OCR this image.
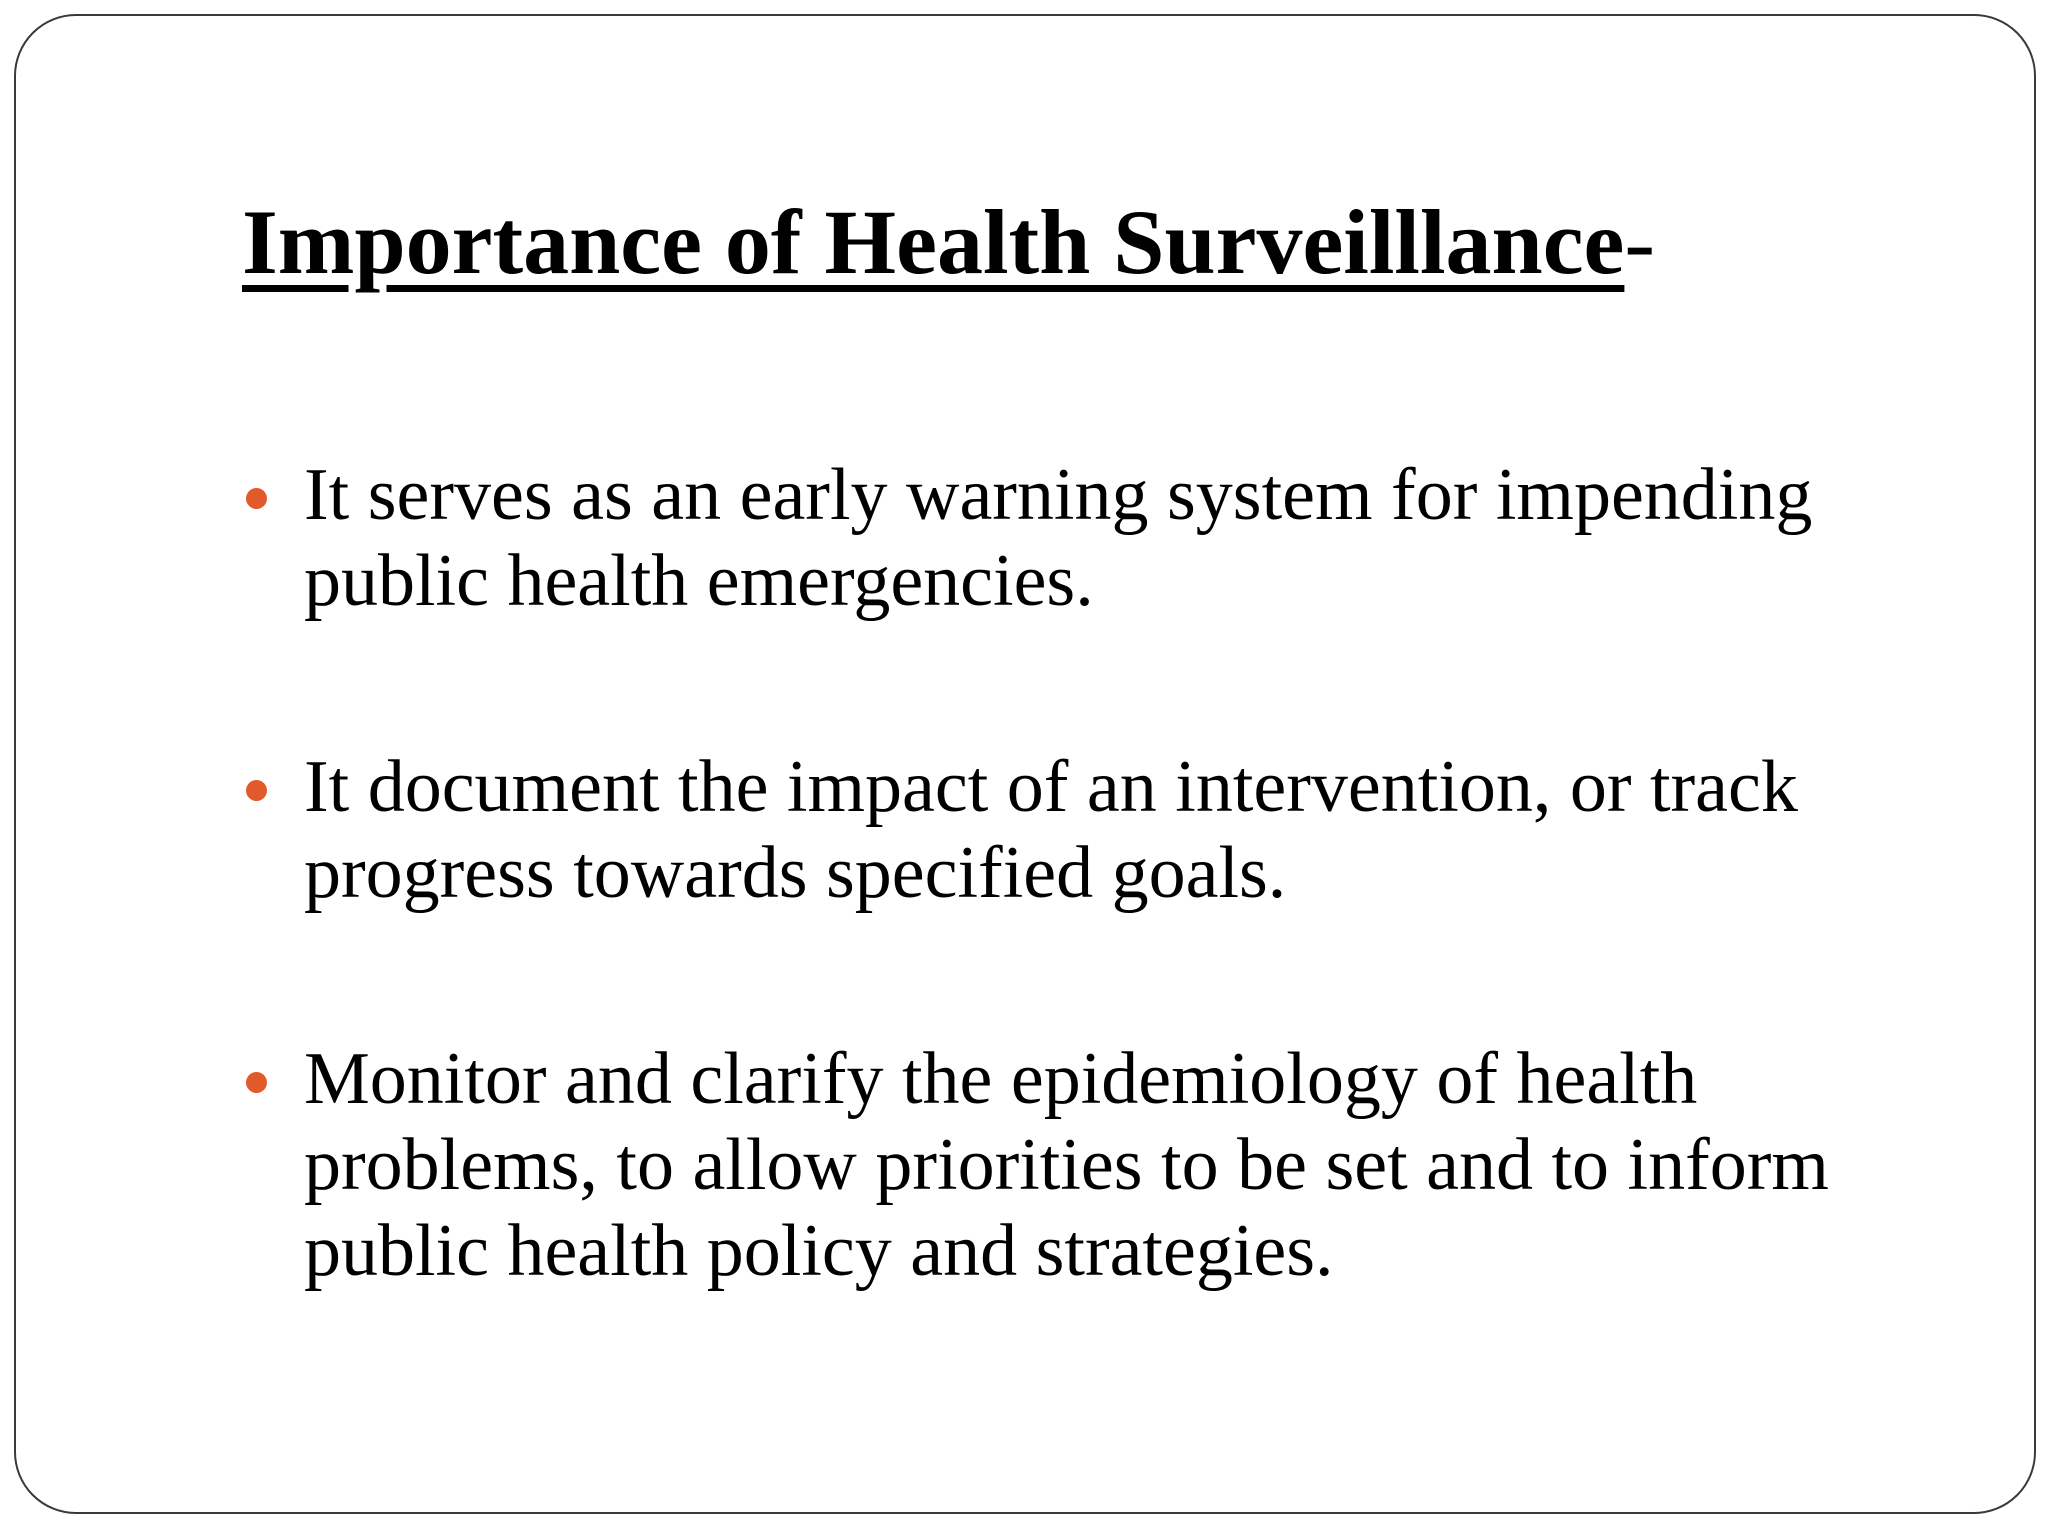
Importance of Health Surveilllance-
It serves as an early warning system for impending public health emergencies.
It document the impact of an intervention, or track progress towards specified goals.
Monitor and clarify the epidemiology of health problems, to allow priorities to be set and to inform public health policy and strategies.
